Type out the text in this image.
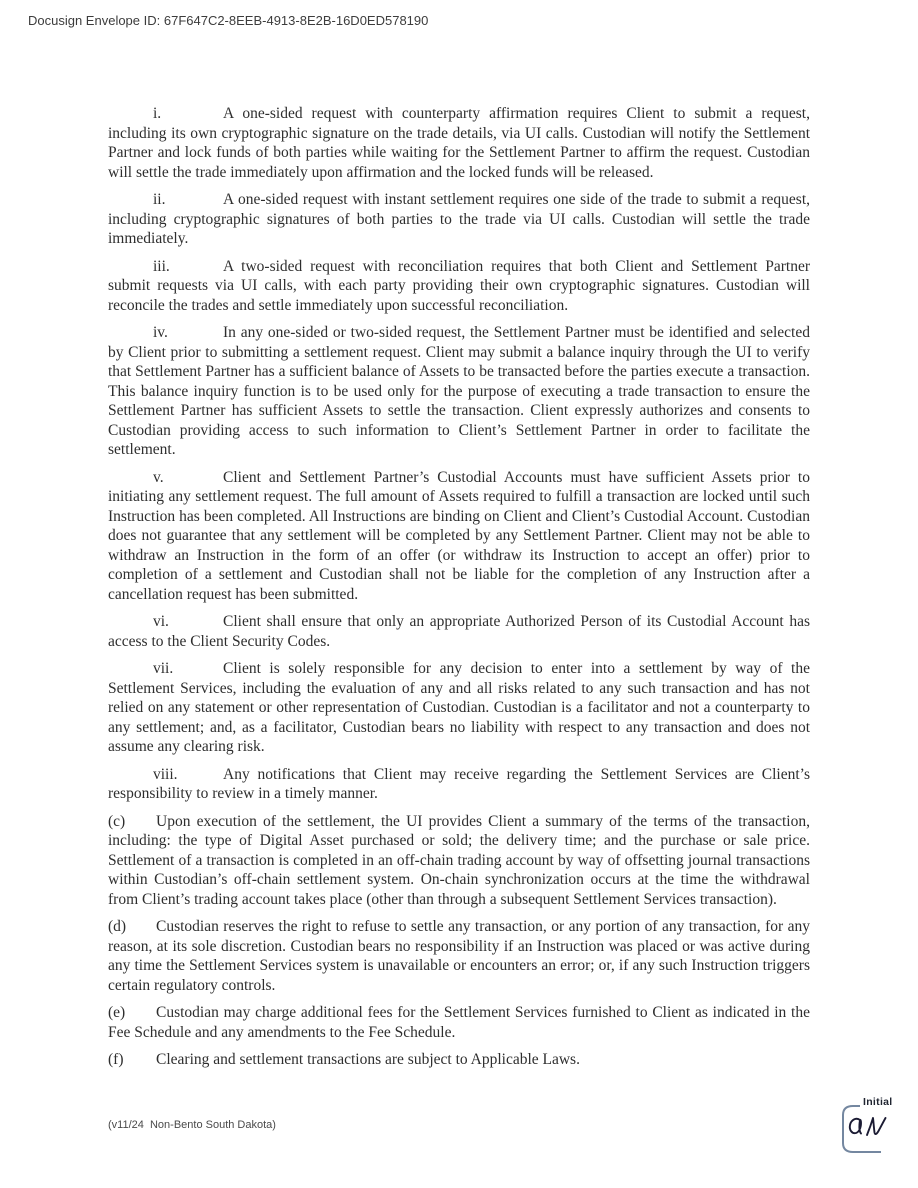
Docusign Envelope ID: 67F647C2-8EEB-4913-8E2B-16D0ED578190

i.	A one-sided request with counterparty affirmation requires Client to submit a request, including its own cryptographic signature on the trade details, via UI calls. Custodian will notify the Settlement Partner and lock funds of both parties while waiting for the Settlement Partner to affirm the request. Custodian will settle the trade immediately upon affirmation and the locked funds will be released.

ii.	A one-sided request with instant settlement requires one side of the trade to submit a request, including cryptographic signatures of both parties to the trade via UI calls. Custodian will settle the trade immediately.

iii.	A two-sided request with reconciliation requires that both Client and Settlement Partner submit requests via UI calls, with each party providing their own cryptographic signatures. Custodian will reconcile the trades and settle immediately upon successful reconciliation.

iv.	In any one-sided or two-sided request, the Settlement Partner must be identified and selected by Client prior to submitting a settlement request. Client may submit a balance inquiry through the UI to verify that Settlement Partner has a sufficient balance of Assets to be transacted before the parties execute a transaction. This balance inquiry function is to be used only for the purpose of executing a trade transaction to ensure the Settlement Partner has sufficient Assets to settle the transaction. Client expressly authorizes and consents to Custodian providing access to such information to Client’s Settlement Partner in order to facilitate the settlement.

v.	Client and Settlement Partner’s Custodial Accounts must have sufficient Assets prior to initiating any settlement request. The full amount of Assets required to fulfill a transaction are locked until such Instruction has been completed. All Instructions are binding on Client and Client’s Custodial Account. Custodian does not guarantee that any settlement will be completed by any Settlement Partner. Client may not be able to withdraw an Instruction in the form of an offer (or withdraw its Instruction to accept an offer) prior to completion of a settlement and Custodian shall not be liable for the completion of any Instruction after a cancellation request has been submitted.

vi.	Client shall ensure that only an appropriate Authorized Person of its Custodial Account has access to the Client Security Codes.

vii.	Client is solely responsible for any decision to enter into a settlement by way of the Settlement Services, including the evaluation of any and all risks related to any such transaction and has not relied on any statement or other representation of Custodian. Custodian is a facilitator and not a counterparty to any settlement; and, as a facilitator, Custodian bears no liability with respect to any transaction and does not assume any clearing risk.

viii.	Any notifications that Client may receive regarding the Settlement Services are Client’s responsibility to review in a timely manner.

(c) Upon execution of the settlement, the UI provides Client a summary of the terms of the transaction, including: the type of Digital Asset purchased or sold; the delivery time; and the purchase or sale price. Settlement of a transaction is completed in an off-chain trading account by way of offsetting journal transactions within Custodian’s off-chain settlement system. On-chain synchronization occurs at the time the withdrawal from Client’s trading account takes place (other than through a subsequent Settlement Services transaction).

(d) Custodian reserves the right to refuse to settle any transaction, or any portion of any transaction, for any reason, at its sole discretion. Custodian bears no responsibility if an Instruction was placed or was active during any time the Settlement Services system is unavailable or encounters an error; or, if any such Instruction triggers certain regulatory controls.

(e) Custodian may charge additional fees for the Settlement Services furnished to Client as indicated in the Fee Schedule and any amendments to the Fee Schedule.

(f) Clearing and settlement transactions are subject to Applicable Laws.

(v11/24  Non-Bento South Dakota)
Initial
